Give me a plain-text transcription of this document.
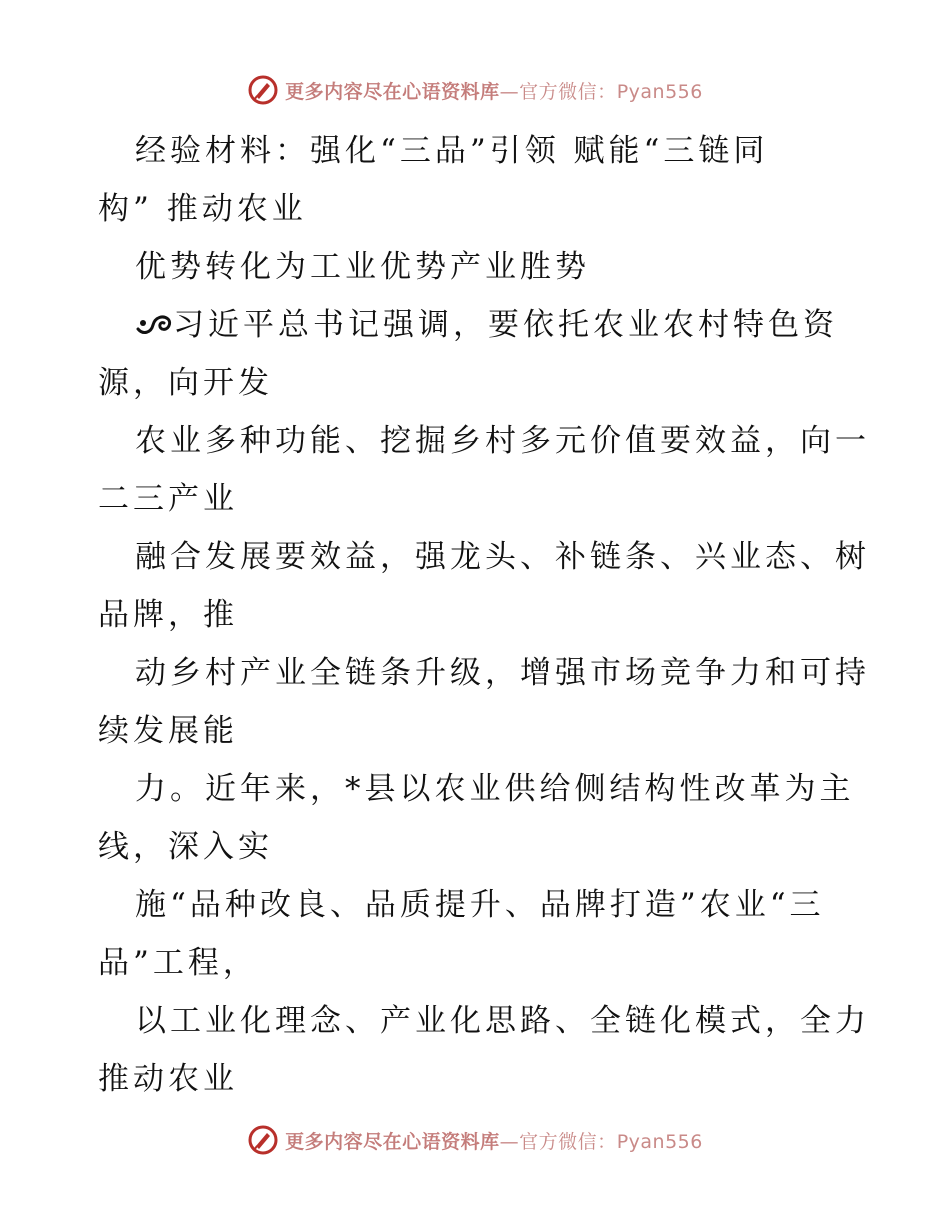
更多内容尽在心语资料库—官方微信：Pyan556
经验材料：强化“三品”引领 赋能“三链同
构” 推动农业
优势转化为工业优势产业胜势
习近平总书记强调，要依托农业农村特色资
源，向开发
农业多种功能、挖掘乡村多元价值要效益，向一
二三产业
融合发展要效益，强龙头、补链条、兴业态、树
品牌，推
动乡村产业全链条升级，增强市场竞争力和可持
续发展能
力。近年来，*县以农业供给侧结构性改革为主
线，深入实
施“品种改良、品质提升、品牌打造”农业“三
品”工程，
以工业化理念、产业化思路、全链化模式，全力
推动农业
更多内容尽在心语资料库—官方微信：Pyan556
